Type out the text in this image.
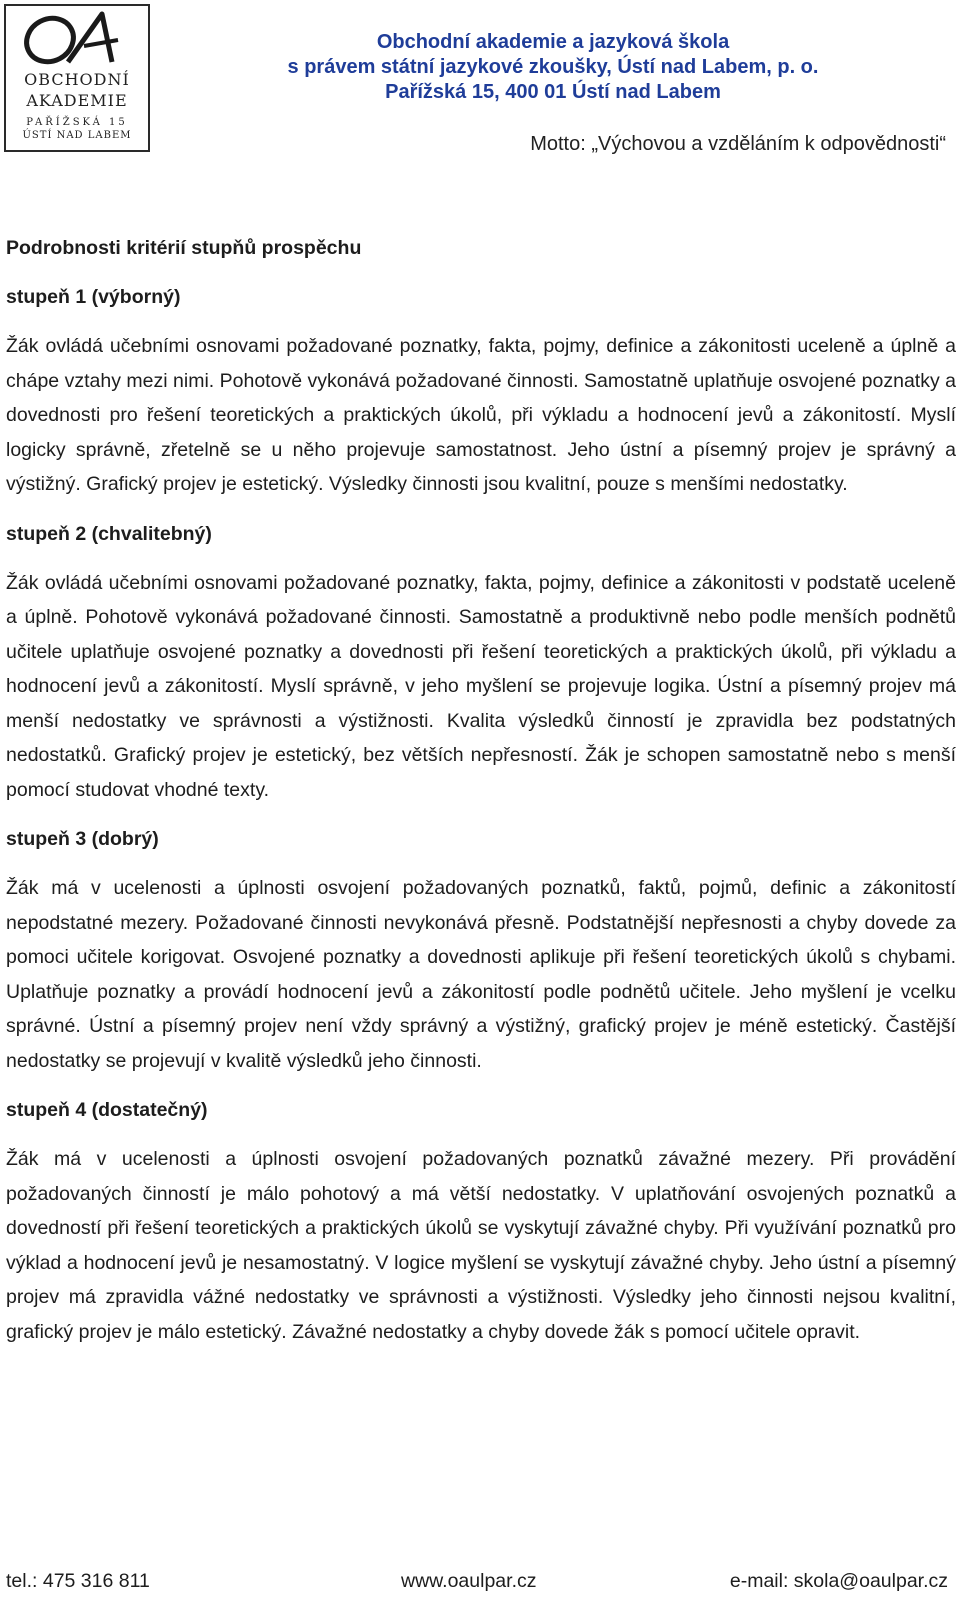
OBCHODNÍ
AKADEMIE
PAŘÍŽSKÁ 15
ÚSTÍ NAD LABEM
Obchodní akademie a jazyková škola
s právem státní jazykové zkoušky, Ústí nad Labem, p. o.
Pařížská 15, 400 01 Ústí nad Labem
Motto: „Výchovou a vzděláním k odpovědnosti“
Podrobnosti kritérií stupňů prospěchu
stupeň 1 (výborný)
Žák ovládá učebními osnovami požadované poznatky, fakta, pojmy, definice a zákonitosti uceleně a úplně a chápe vztahy mezi nimi. Pohotově vykonává požadované činnosti. Samostatně uplatňuje osvojené poznatky a dovednosti pro řešení teoretických a praktických úkolů, při výkladu a hodnocení jevů a zákonitostí. Myslí logicky správně, zřetelně se u něho projevuje samostatnost. Jeho ústní a písemný projev je správný a výstižný. Grafický projev je estetický. Výsledky činnosti jsou kvalitní, pouze s menšími nedostatky.
stupeň 2 (chvalitebný)
Žák ovládá učebními osnovami požadované poznatky, fakta, pojmy, definice a zákonitosti v podstatě uceleně a úplně. Pohotově vykonává požadované činnosti. Samostatně a produktivně nebo podle menších podnětů učitele uplatňuje osvojené poznatky a dovednosti při řešení teoretických a praktických úkolů, při výkladu a hodnocení jevů a zákonitostí. Myslí správně, v jeho myšlení se projevuje logika. Ústní a písemný projev má menší nedostatky ve správnosti a výstižnosti. Kvalita výsledků činností je zpravidla bez podstatných nedostatků. Grafický projev je estetický, bez větších nepřesností. Žák je schopen samostatně nebo s menší pomocí studovat vhodné texty.
stupeň 3 (dobrý)
Žák má v ucelenosti a úplnosti osvojení požadovaných poznatků, faktů, pojmů, definic a zákonitostí nepodstatné mezery. Požadované činnosti nevykonává přesně. Podstatnější nepřesnosti a chyby dovede za pomoci učitele korigovat. Osvojené poznatky a dovednosti aplikuje při řešení teoretických úkolů s chybami. Uplatňuje poznatky a provádí hodnocení jevů a zákonitostí podle podnětů učitele. Jeho myšlení je vcelku správné. Ústní a písemný projev není vždy správný a výstižný, grafický projev je méně estetický. Častější nedostatky se projevují v kvalitě výsledků jeho činnosti.
stupeň 4 (dostatečný)
Žák má v ucelenosti a úplnosti osvojení požadovaných poznatků závažné mezery. Při provádění požadovaných činností je málo pohotový a má větší nedostatky. V uplatňování osvojených poznatků a dovedností při řešení teoretických a praktických úkolů se vyskytují závažné chyby. Při využívání poznatků pro výklad a hodnocení jevů je nesamostatný. V logice myšlení se vyskytují závažné chyby. Jeho ústní a písemný projev má zpravidla vážné nedostatky ve správnosti a výstižnosti. Výsledky jeho činnosti nejsou kvalitní, grafický projev je málo estetický. Závažné nedostatky a chyby dovede žák s pomocí učitele opravit.
tel.: 475 316 811	www.oaulpar.cz	e-mail: skola@oaulpar.cz
